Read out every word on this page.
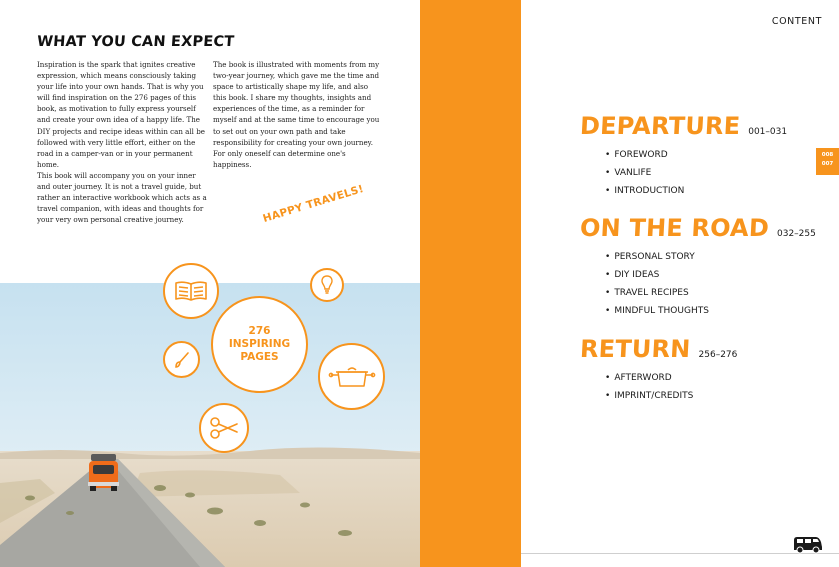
WHAT YOU CAN EXPECT

Inspiration is the spark that ignites creative expression, which means consciously taking your life into your own hands. That is why you will find inspiration on the 276 pages of this book, as motivation to fully express yourself and create your own idea of a happy life. The DIY projects and recipe ideas within can all be followed with very little effort, either on the road in a camper-van or in your permanent home.

This book will accompany you on your inner and outer journey. It is not a travel guide, but rather an interactive workbook which acts as a travel companion, with ideas and thoughts for your very own personal creative journey.

The book is illustrated with moments from my two-year journey, which gave me the time and space to artistically shape my life, and also this book. I share my thoughts, insights and experiences of the time, as a reminder for myself and at the same time to encourage you to set out on your own path and take responsibility for creating your own journey. For only oneself can determine one's happiness.

HAPPY TRAVELS!
276
INSPIRING
PAGES
CONTENT
008
007
DEPARTURE 001–031
• FOREWORD
• VANLIFE
• INTRODUCTION
ON THE ROAD 032–255
• PERSONAL STORY
• DIY IDEAS
• TRAVEL RECIPES
• MINDFUL THOUGHTS
RETURN 256–276
• AFTERWORD
• IMPRINT/CREDITS
